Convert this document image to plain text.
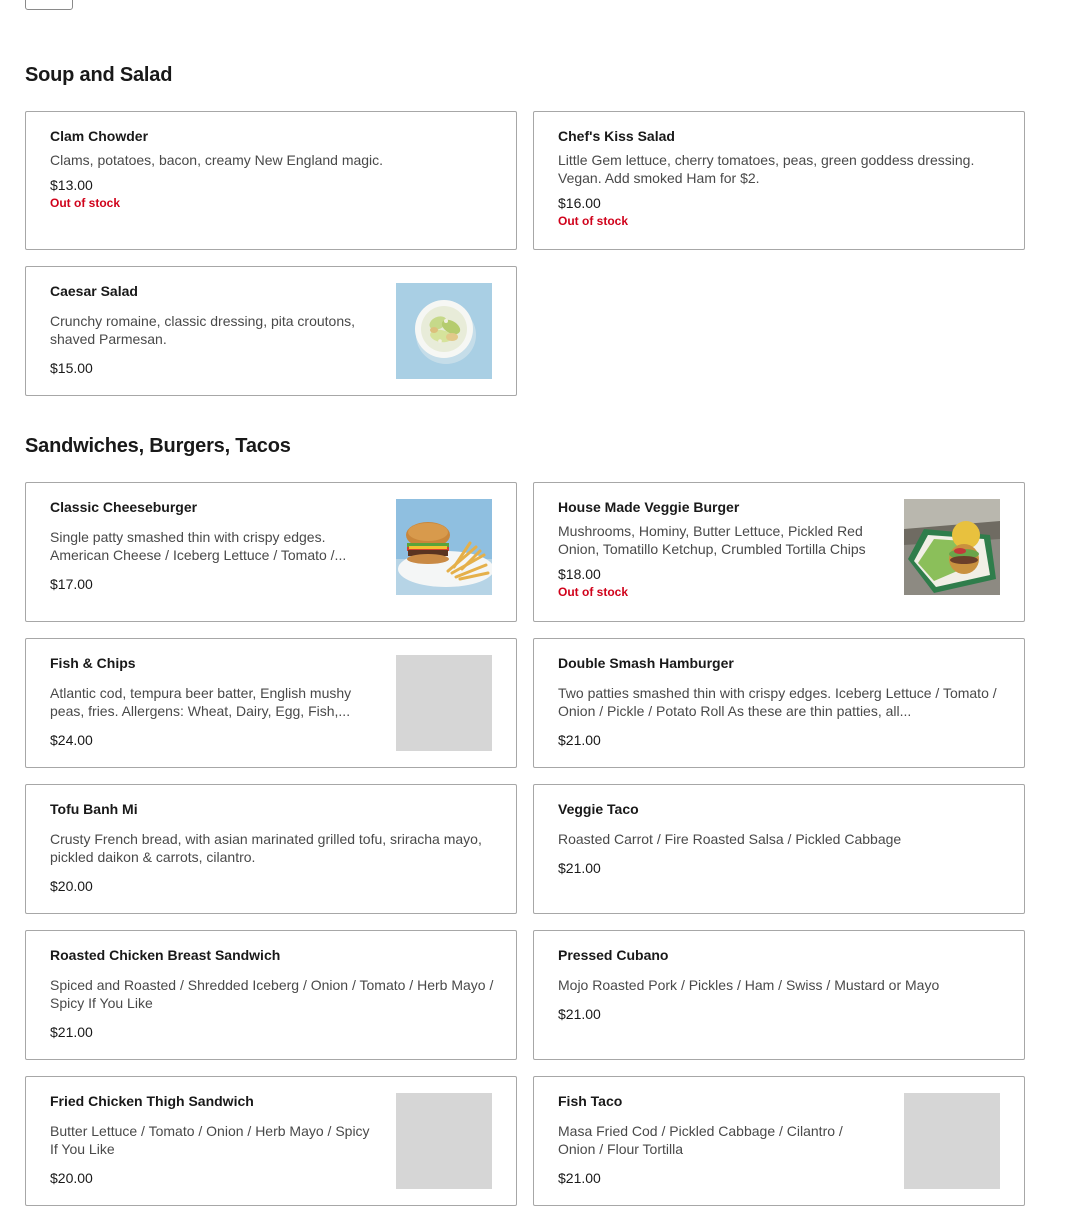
Soup and Salad
Clam Chowder
Clams, potatoes, bacon, creamy New England magic.
$13.00
Out of stock
Chef's Kiss Salad
Little Gem lettuce, cherry tomatoes, peas, green goddess dressing. Vegan. Add smoked Ham for $2.
$16.00
Out of stock
Caesar Salad
Crunchy romaine, classic dressing, pita croutons, shaved Parmesan.
$15.00
Sandwiches, Burgers, Tacos
Classic Cheeseburger
Single patty smashed thin with crispy edges. American Cheese / Iceberg Lettuce / Tomato /...
$17.00
House Made Veggie Burger
Mushrooms, Hominy, Butter Lettuce, Pickled Red Onion, Tomatillo Ketchup, Crumbled Tortilla Chips
$18.00
Out of stock
Fish & Chips
Atlantic cod, tempura beer batter, English mushy peas, fries. Allergens: Wheat, Dairy, Egg, Fish,...
$24.00
Double Smash Hamburger
Two patties smashed thin with crispy edges. Iceberg Lettuce / Tomato / Onion / Pickle / Potato Roll As these are thin patties, all...
$21.00
Tofu Banh Mi
Crusty French bread, with asian marinated grilled tofu, sriracha mayo, pickled daikon & carrots, cilantro.
$20.00
Veggie Taco
Roasted Carrot / Fire Roasted Salsa / Pickled Cabbage
$21.00
Roasted Chicken Breast Sandwich
Spiced and Roasted / Shredded Iceberg / Onion / Tomato / Herb Mayo / Spicy If You Like
$21.00
Pressed Cubano
Mojo Roasted Pork / Pickles / Ham / Swiss / Mustard or Mayo
$21.00
Fried Chicken Thigh Sandwich
Butter Lettuce / Tomato / Onion / Herb Mayo / Spicy If You Like
$20.00
Fish Taco
Masa Fried Cod / Pickled Cabbage / Cilantro / Onion / Flour Tortilla
$21.00
